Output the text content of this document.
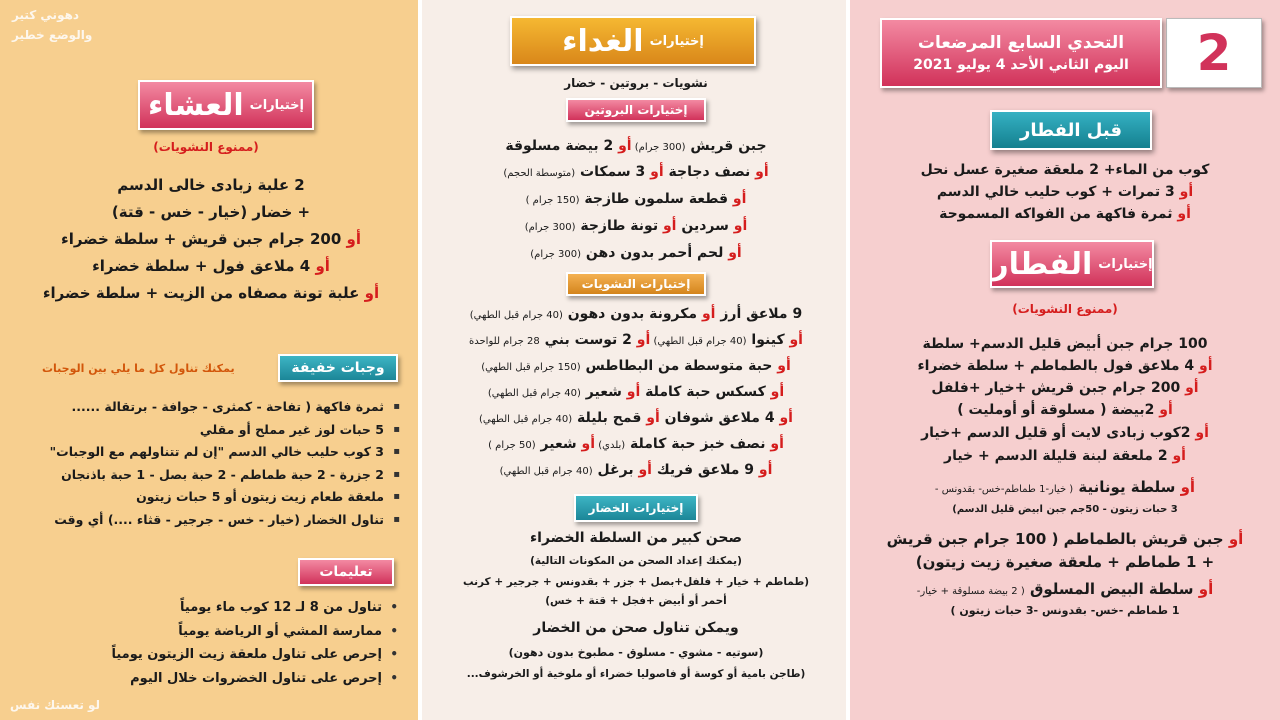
دهوني كتير
والوضع خطير
إختيارات
العشاء
(ممنوع النشويات)
2 علبة زبادى خالى الدسم
+ خضار (خيار - خس - قتة)
أو 200 جرام جبن قريش + سلطة خضراء
أو 4 ملاعق فول + سلطة خضراء
أو علبة تونة مصفاه من الزيت + سلطة خضراء
وجبات خفيفة
يمكنك تناول كل ما يلي بين الوجبات
▪ ثمرة فاكهة ( تفاحة - كمثرى - جوافة - برتقالة ......
▪ 5 حبات لوز غير مملح أو مقلي
▪ 3 كوب حليب خالي الدسم "إن لم تتناولهم مع الوجبات"
▪ 2 جزرة - 2 حبة طماطم - 2 حبة بصل - 1 حبة باذنجان
▪ ملعقة طعام زيت زيتون أو 5 حبات زيتون
▪ تناول الخضار (خيار - خس - جرجير - قثاء ....) أي وقت
تعليمات
• تناول من 8 لـ 12 كوب ماء يومياً
• ممارسة المشي أو الرياضة يومياً
• إحرص على تناول ملعقة زيت الزيتون يومياً
• إحرص على تناول الخضروات خلال اليوم
لو تعستك نفس
إختيارات
الغداء
نشويات - بروتين - خضار
إختيارات البروتين
جبن قريش (300 جرام) أو 2 بيضة مسلوقة
أو نصف دجاجة أو 3 سمكات (متوسطة الحجم)
أو قطعة سلمون طازجة (150 جرام )
أو سردين أو تونة طازجة (300 جرام)
أو لحم أحمر بدون دهن (300 جرام)
إختيارات النشويات
9 ملاعق أرز أو مكرونة بدون دهون (40 جرام قبل الطهي)
أو كينوا (40 جرام قبل الطهي) أو 2 توست بني 28 جرام للواحدة
أو حبة متوسطة من البطاطس (150 جرام قبل الطهي)
أو كسكس حبة كاملة أو شعير (40 جرام قبل الطهي)
أو 4 ملاعق شوفان أو قمح بليلة (40 جرام قبل الطهي)
أو نصف خبز حبة كاملة (بلدي) أو شعير (50 جرام )
أو 9 ملاعق فريك أو برغل (40 جرام قبل الطهي)
إختيارات الخضار
صحن كبير من السلطة الخضراء
(يمكنك إعداد الصحن من المكونات التالية)
(طماطم + خيار + فلفل+بصل + جزر + بقدونس + جرجير + كرنب
أحمر أو أبيض +فجل + قتة + خس)
ويمكن تناول صحن من الخضار
(سوتيه - مشوي - مسلوق - مطبوخ بدون دهون)
(طاجن بامية أو كوسة أو فاصوليا خضراء أو ملوخية أو الخرشوف...
2
التحدي السابع المرضعات
اليوم الثاني الأحد 4 يوليو 2021
قبل الفطار
كوب من الماء+ 2 ملعقة صغيرة عسل نحل
أو 3 تمرات + كوب حليب خالي الدسم
أو ثمرة فاكهة من الفواكه المسموحة
إختيارات
الفطار
(ممنوع النشويات)
100 جرام جبن أبيض قليل الدسم+ سلطة
أو 4 ملاعق فول بالطماطم + سلطة خضراء
أو 200 جرام جبن قريش +خيار +فلفل
أو 2بيضة ( مسلوقة أو أومليت )
أو 2كوب زبادى لايت أو قليل الدسم +خيار
أو 2 ملعقة لبنة قليلة الدسم + خيار
أو سلطة يونانية ( خيار-1 طماطم-خس- بقدونس -
3 حبات زيتون - 50جم جبن ابيض قليل الدسم)
أو جبن قريش بالطماطم ( 100 جرام جبن قريش
+ 1 طماطم + ملعقة صغيرة زيت زيتون)
أو سلطة البيض المسلوق ( 2 بيضة مسلوقة + خيار-
1 طماطم -خس- بقدونس -3 حبات زيتون )
